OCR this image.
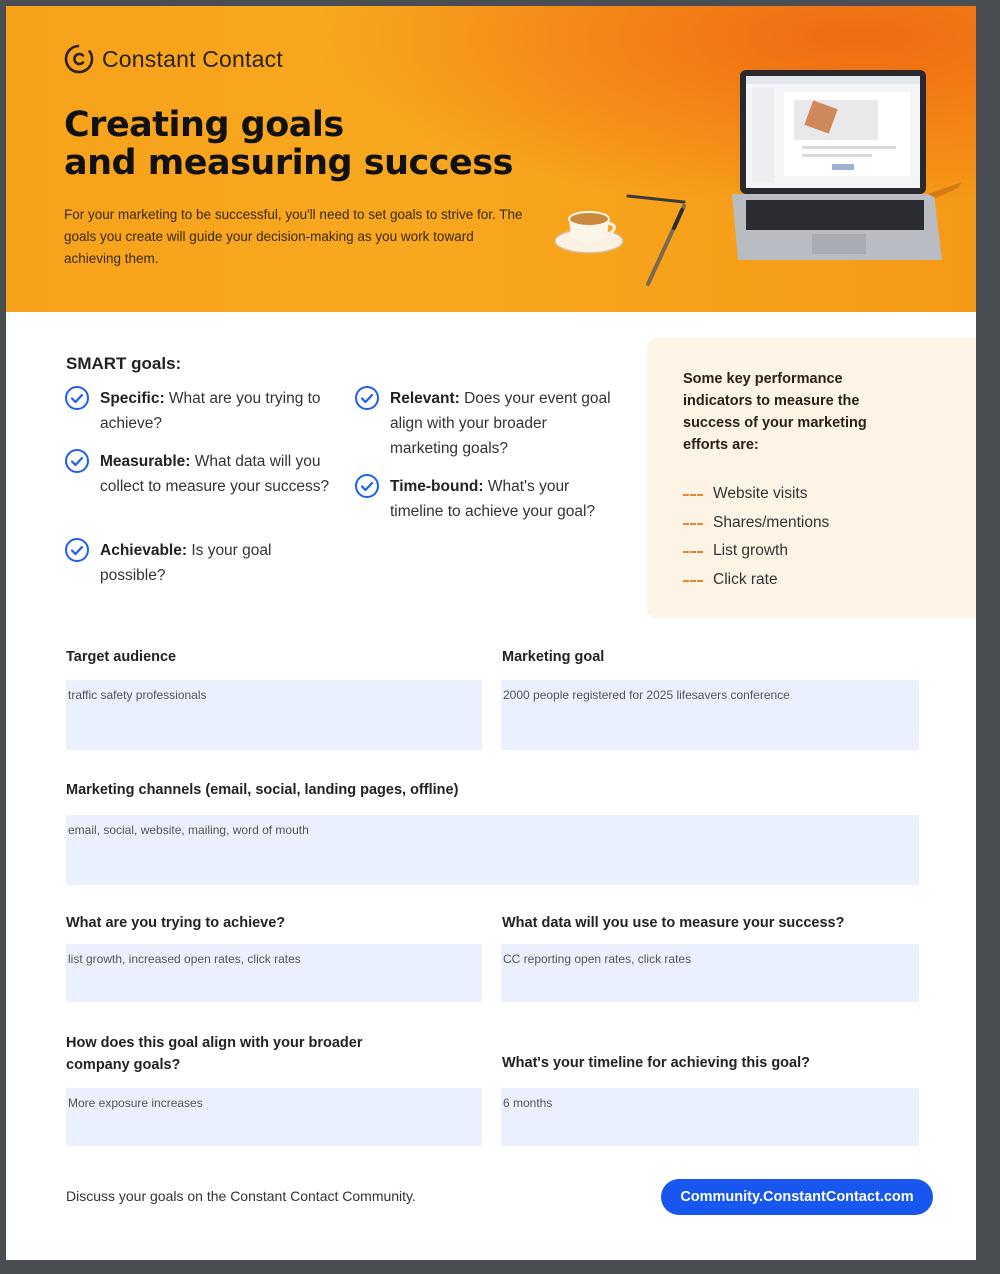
Constant Contact
Creating goals
and measuring success

For your marketing to be successful, you'll need to set goals to strive for. The goals you create will guide your decision-making as you work toward achieving them.

SMART goals:
Specific: What are you trying to achieve?
Measurable: What data will you collect to measure your success?
Achievable: Is your goal possible?
Relevant: Does your event goal align with your broader marketing goals?
Time-bound: What's your timeline to achieve your goal?

Some key performance indicators to measure the success of your marketing efforts are:

Website visits
Shares/mentions
List growth
Click rate

Target audience

traffic safety professionals

Marketing goal

2000 people registered for 2025 lifesavers conference

Marketing channels (email, social, landing pages, offline)

email, social, website, mailing, word of mouth

What are you trying to achieve?

list growth, increased open rates, click rates

What data will you use to measure your success?

CC reporting open rates, click rates

How does this goal align with your broader company goals?

More exposure increases

What's your timeline for achieving this goal?

6 months
Discuss your goals on the Constant Contact Community.	Community.ConstantContact.com
